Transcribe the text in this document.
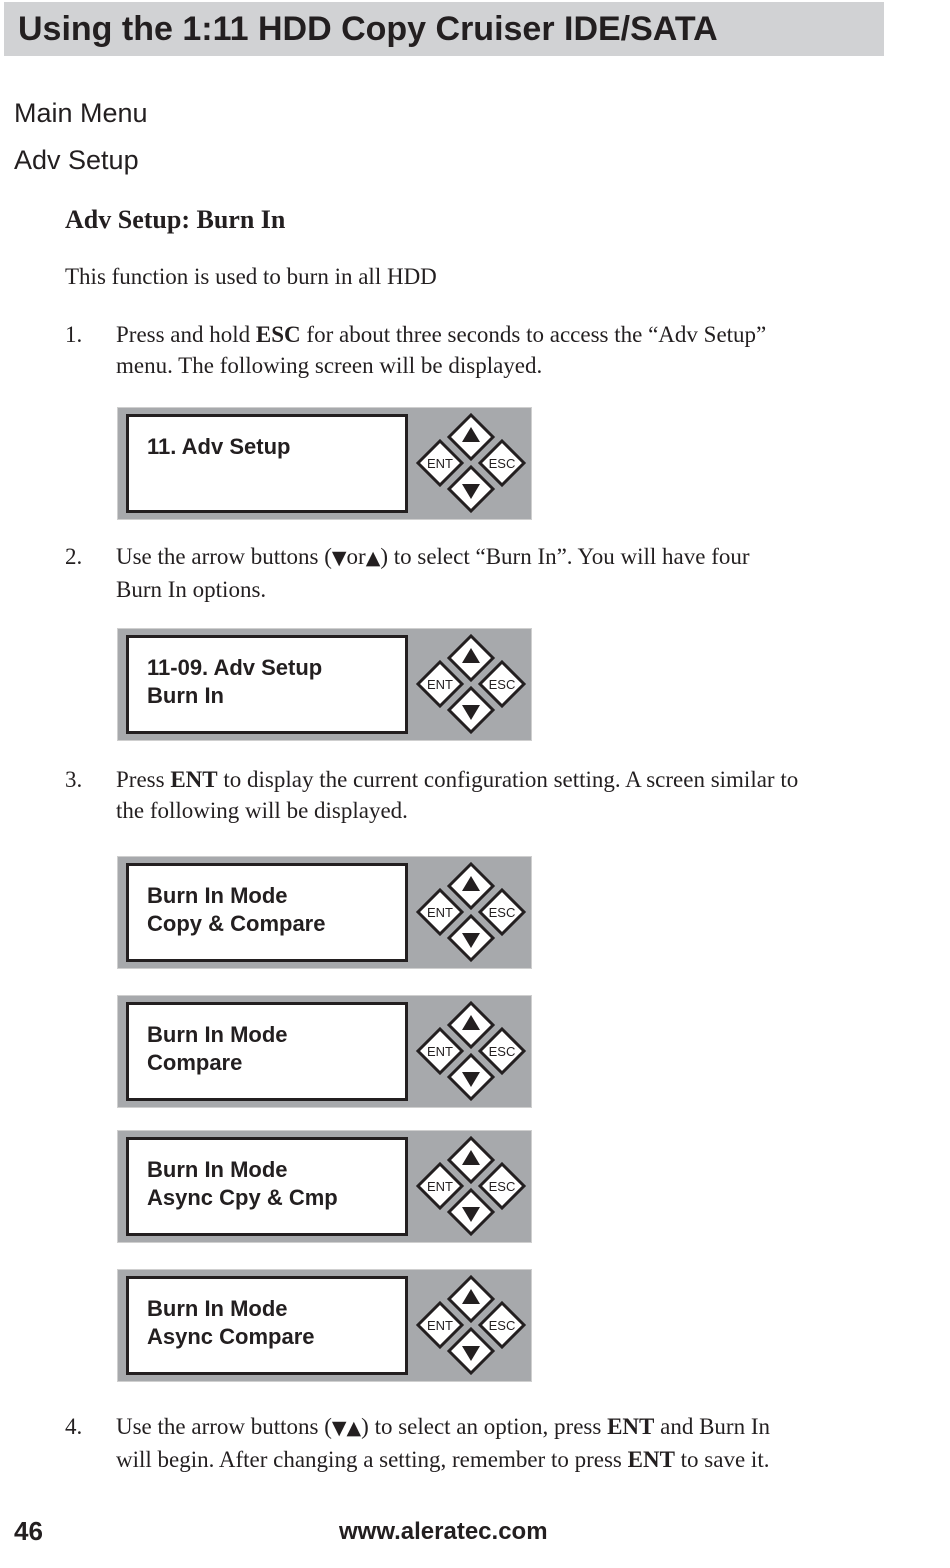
Using the 1:11 HDD Copy Cruiser IDE/SATA
Main Menu
Adv Setup
Adv Setup: Burn In
This function is used to burn in all HDD
1. Press and hold ESC for about three seconds to access the “Adv Setup”
menu. The following screen will be displayed.
11. Adv Setup
ENT	ESC
2. Use the arrow buttons (▼or▲) to select “Burn In”. You will have four
Burn In options.
11-09. Adv Setup
Burn In	ENT	ESC
3. Press ENT to display the current configuration setting. A screen similar to
the following will be displayed.
Burn In Mode
Copy & Compare	ENT	ESC
Burn In Mode
Compare	ENT	ESC
Burn In Mode
Async Cpy & Cmp	ENT	ESC
Burn In Mode
Async Compare	ENT	ESC
4. Use the arrow buttons (▼▲) to select an option, press ENT and Burn In
will begin. After changing a setting, remember to press ENT to save it.
46	www.aleratec.com
